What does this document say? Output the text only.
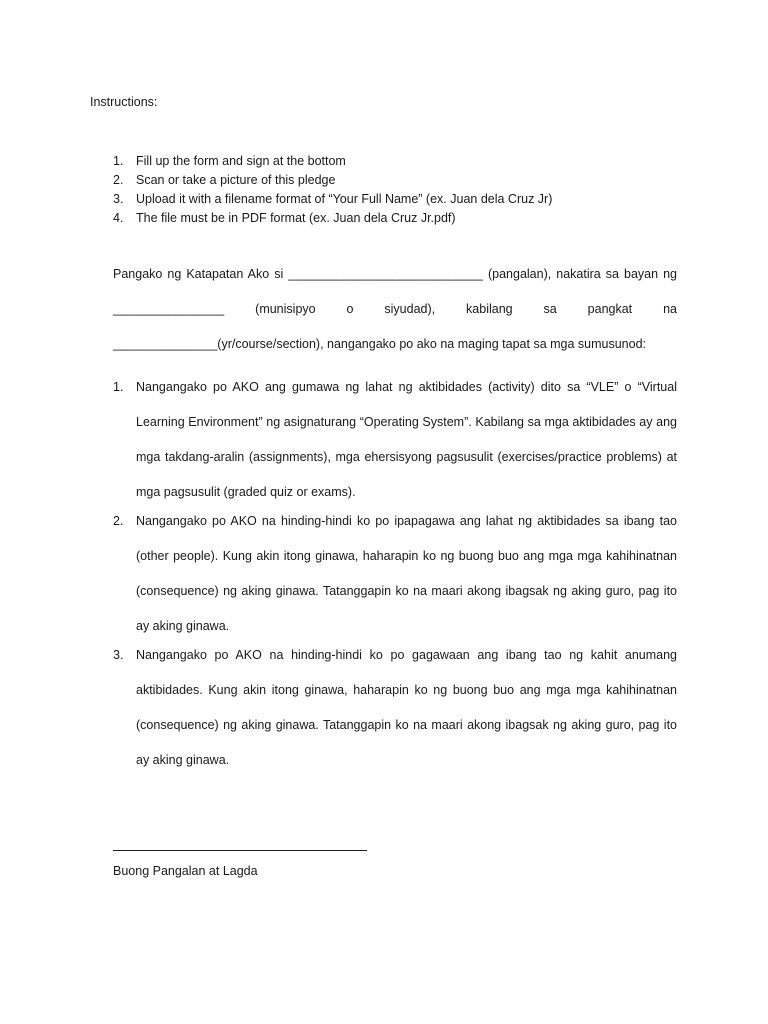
Instructions:
1.	Fill up the form and sign at the bottom
2.	Scan or take a picture of this pledge
3.	Upload it with a filename format of “Your Full Name” (ex. Juan dela Cruz Jr)
4.	The file must be in PDF format (ex. Juan dela Cruz Jr.pdf)
Pangako ng Katapatan Ako si ____________________________ (pangalan), nakatira sa bayan ng
________________ (munisipyo o siyudad), kabilang sa pangkat na
_______________(yr/course/section), nangangako po ako na maging tapat sa mga sumusunod:
1.	Nangangako po AKO ang gumawa ng lahat ng aktibidades (activity) dito sa “VLE” o “Virtual Learning Environment” ng asignaturang “Operating System”. Kabilang sa mga aktibidades ay ang mga takdang-aralin (assignments), mga ehersisyong pagsusulit (exercises/practice problems) at mga pagsusulit (graded quiz or exams).
2.	Nangangako po AKO na hinding-hindi ko po ipapagawa ang lahat ng aktibidades sa ibang tao (other people). Kung akin itong ginawa, haharapin ko ng buong buo ang mga mga kahihinatnan (consequence) ng aking ginawa. Tatanggapin ko na maari akong ibagsak ng aking guro, pag ito ay aking ginawa.
3.	Nangangako po AKO na hinding-hindi ko po gagawaan ang ibang tao ng kahit anumang aktibidades. Kung akin itong ginawa, haharapin ko ng buong buo ang mga mga kahihinatnan (consequence) ng aking ginawa. Tatanggapin ko na maari akong ibagsak ng aking guro, pag ito ay aking ginawa.
Buong Pangalan at Lagda
